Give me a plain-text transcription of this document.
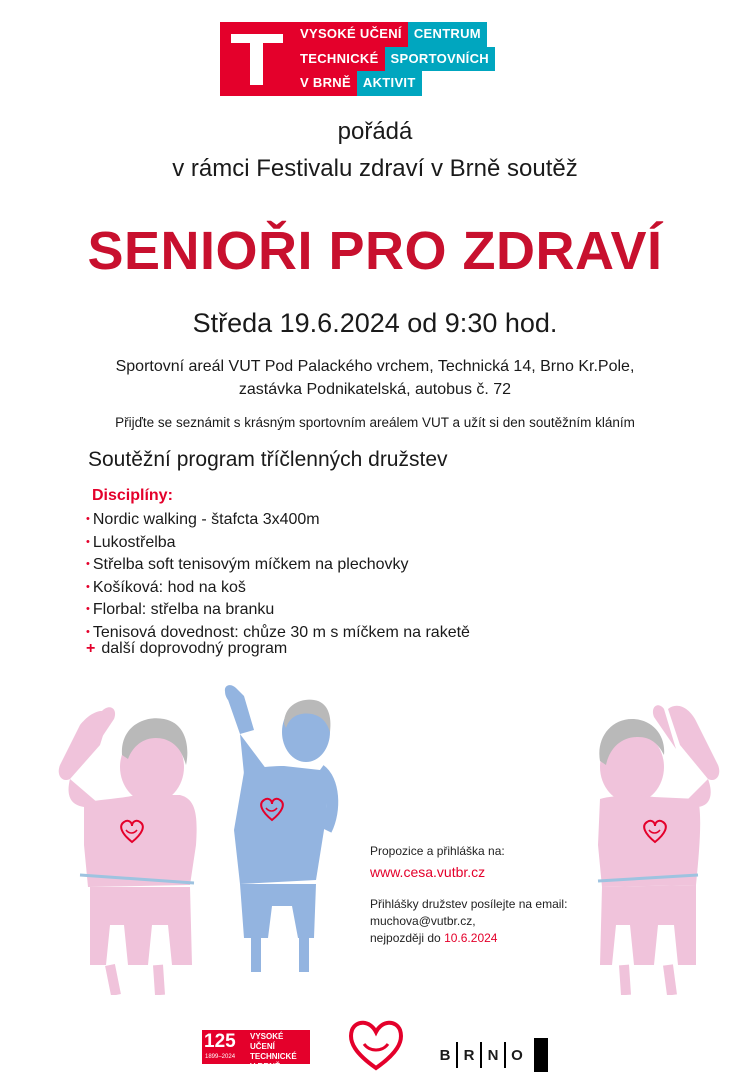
VYSOKÉ UČENÍ CENTRUM
TECHNICKÉ SPORTOVNÍCH
V BRNĚ AKTIVIT
pořádá
v rámci Festivalu zdraví v Brně soutěž
SENIOŘI PRO ZDRAVÍ
Středa 19.6.2024 od 9:30 hod.
Sportovní areál VUT Pod Palackého vrchem, Technická 14, Brno Kr.Pole,
zastávka Podnikatelská, autobus č. 72
Přijďte se seznámit s krásným sportovním areálem VUT a užít si den soutěžním kláním
Soutěžní program tříčlenných družstev
Disciplíny:
• Nordic walking - štafcta 3x400m
• Lukostřelba
• Střelba soft tenisovým míčkem na plechovky
• Košíková: hod na koš
• Florbal: střelba na branku
• Tenisová dovednost: chůze 30 m s míčkem na raketě
+ další doprovodný program
Propozice a přihláška na:
www.cesa.vutbr.cz
Přihlášky družstev posílejte na email:
muchova@vutbr.cz,
nejpozději do 10.6.2024
125
1899–2024
VYSOKÉ UČENÍ
TECHNICKÉ
V BRNĚ
B R N O
